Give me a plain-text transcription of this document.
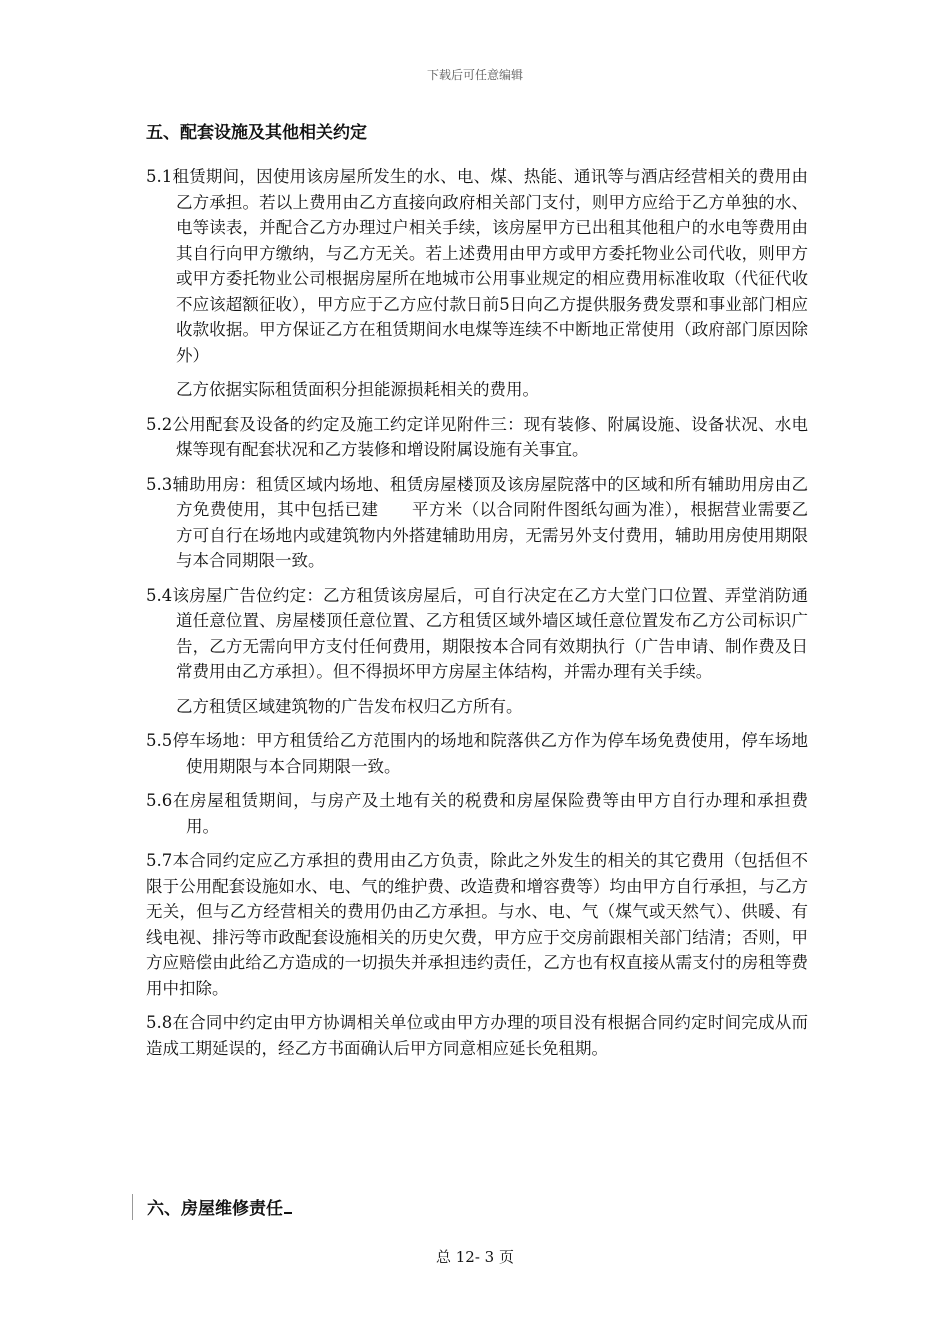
下载后可任意编辑
五、配套设施及其他相关约定

5.1租赁期间，因使用该房屋所发生的水、电、煤、热能、通讯等与酒店经营相关的费用由乙方承担。若以上费用由乙方直接向政府相关部门支付，则甲方应给于乙方单独的水、电等读表，并配合乙方办理过户相关手续，该房屋甲方已出租其他租户的水电等费用由其自行向甲方缴纳，与乙方无关。若上述费用由甲方或甲方委托物业公司代收，则甲方或甲方委托物业公司根据房屋所在地城市公用事业规定的相应费用标准收取（代征代收不应该超额征收），甲方应于乙方应付款日前5日向乙方提供服务费发票和事业部门相应收款收据。甲方保证乙方在租赁期间水电煤等连续不中断地正常使用（政府部门原因除外）

乙方依据实际租赁面积分担能源损耗相关的费用。

5.2公用配套及设备的约定及施工约定详见附件三：现有装修、附属设施、设备状况、水电煤等现有配套状况和乙方装修和增设附属设施有关事宜。

5.3辅助用房：租赁区域内场地、租赁房屋楼顶及该房屋院落中的区域和所有辅助用房由乙方免费使用，其中包括已建　　平方米（以合同附件图纸勾画为准），根据营业需要乙方可自行在场地内或建筑物内外搭建辅助用房，无需另外支付费用，辅助用房使用期限与本合同期限一致。

5.4该房屋广告位约定：乙方租赁该房屋后，可自行决定在乙方大堂门口位置、弄堂消防通道任意位置、房屋楼顶任意位置、乙方租赁区域外墙区域任意位置发布乙方公司标识广告，乙方无需向甲方支付任何费用，期限按本合同有效期执行（广告申请、制作费及日常费用由乙方承担）。但不得损坏甲方房屋主体结构，并需办理有关手续。

乙方租赁区域建筑物的广告发布权归乙方所有。

5.5停车场地：甲方租赁给乙方范围内的场地和院落供乙方作为停车场免费使用，停车场地使用期限与本合同期限一致。

5.6在房屋租赁期间，与房产及土地有关的税费和房屋保险费等由甲方自行办理和承担费用。

5.7本合同约定应乙方承担的费用由乙方负责，除此之外发生的相关的其它费用（包括但不限于公用配套设施如水、电、气的维护费、改造费和增容费等）均由甲方自行承担，与乙方无关，但与乙方经营相关的费用仍由乙方承担。与水、电、气（煤气或天然气）、供暖、有线电视、排污等市政配套设施相关的历史欠费，甲方应于交房前跟相关部门结清；否则，甲方应赔偿由此给乙方造成的一切损失并承担违约责任，乙方也有权直接从需支付的房租等费用中扣除。

5.8在合同中约定由甲方协调相关单位或由甲方办理的项目没有根据合同约定时间完成从而造成工期延误的，经乙方书面确认后甲方同意相应延长免租期。

六、房屋维修责任
总 12- 3 页
